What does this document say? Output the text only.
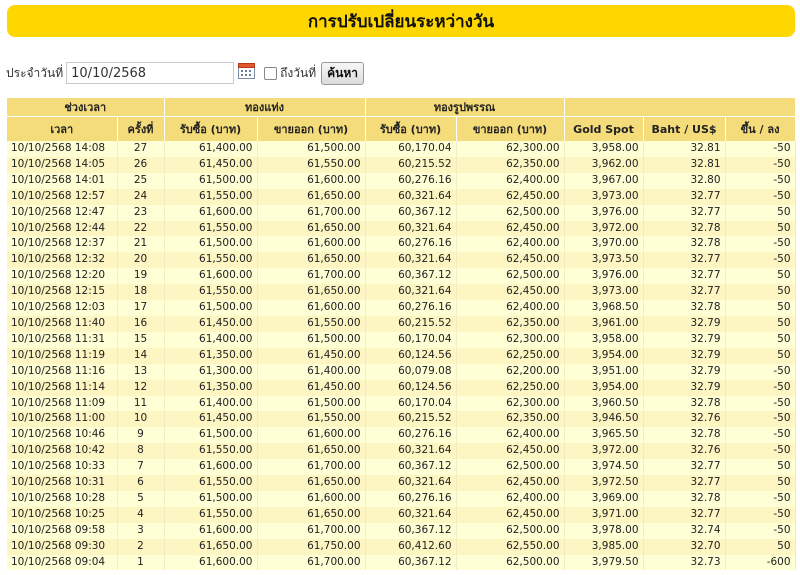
การปรับเปลี่ยนระหว่างวัน
ประจำวันที่
10/10/2568	ถึงวันที่ ค้นหา
ช่วงเวลา		ทองแท่ง		ทองรูปพรรณ				
เวลา	ครั้งที่	รับซื้อ (บาท)	ขายออก (บาท)	รับซื้อ (บาท)	ขายออก (บาท)	Gold Spot	Baht / US$	ขึ้น / ลง
10/10/2568 14:08	27	61,400.00	61,500.00	60,170.04	62,300.00	3,958.00	32.81	-50
10/10/2568 14:05	26	61,450.00	61,550.00	60,215.52	62,350.00	3,962.00	32.81	-50
10/10/2568 14:01	25	61,500.00	61,600.00	60,276.16	62,400.00	3,967.00	32.80	-50
10/10/2568 12:57	24	61,550.00	61,650.00	60,321.64	62,450.00	3,973.00	32.77	-50
10/10/2568 12:47	23	61,600.00	61,700.00	60,367.12	62,500.00	3,976.00	32.77	50
10/10/2568 12:44	22	61,550.00	61,650.00	60,321.64	62,450.00	3,972.00	32.78	50
10/10/2568 12:37	21	61,500.00	61,600.00	60,276.16	62,400.00	3,970.00	32.78	-50
10/10/2568 12:32	20	61,550.00	61,650.00	60,321.64	62,450.00	3,973.50	32.77	-50
10/10/2568 12:20	19	61,600.00	61,700.00	60,367.12	62,500.00	3,976.00	32.77	50
10/10/2568 12:15	18	61,550.00	61,650.00	60,321.64	62,450.00	3,973.00	32.77	50
10/10/2568 12:03	17	61,500.00	61,600.00	60,276.16	62,400.00	3,968.50	32.78	50
10/10/2568 11:40	16	61,450.00	61,550.00	60,215.52	62,350.00	3,961.00	32.79	50
10/10/2568 11:31	15	61,400.00	61,500.00	60,170.04	62,300.00	3,958.00	32.79	50
10/10/2568 11:19	14	61,350.00	61,450.00	60,124.56	62,250.00	3,954.00	32.79	50
10/10/2568 11:16	13	61,300.00	61,400.00	60,079.08	62,200.00	3,951.00	32.79	-50
10/10/2568 11:14	12	61,350.00	61,450.00	60,124.56	62,250.00	3,954.00	32.79	-50
10/10/2568 11:09	11	61,400.00	61,500.00	60,170.04	62,300.00	3,960.50	32.78	-50
10/10/2568 11:00	10	61,450.00	61,550.00	60,215.52	62,350.00	3,946.50	32.76	-50
10/10/2568 10:46	9	61,500.00	61,600.00	60,276.16	62,400.00	3,965.50	32.78	-50
10/10/2568 10:42	8	61,550.00	61,650.00	60,321.64	62,450.00	3,972.00	32.76	-50
10/10/2568 10:33	7	61,600.00	61,700.00	60,367.12	62,500.00	3,974.50	32.77	50
10/10/2568 10:31	6	61,550.00	61,650.00	60,321.64	62,450.00	3,972.50	32.77	50
10/10/2568 10:28	5	61,500.00	61,600.00	60,276.16	62,400.00	3,969.00	32.78	-50
10/10/2568 10:25	4	61,550.00	61,650.00	60,321.64	62,450.00	3,971.00	32.77	-50
10/10/2568 09:58	3	61,600.00	61,700.00	60,367.12	62,500.00	3,978.00	32.74	-50
10/10/2568 09:30	2	61,650.00	61,750.00	60,412.60	62,550.00	3,985.00	32.70	50
10/10/2568 09:04	1	61,600.00	61,700.00	60,367.12	62,500.00	3,979.50	32.73	-600
